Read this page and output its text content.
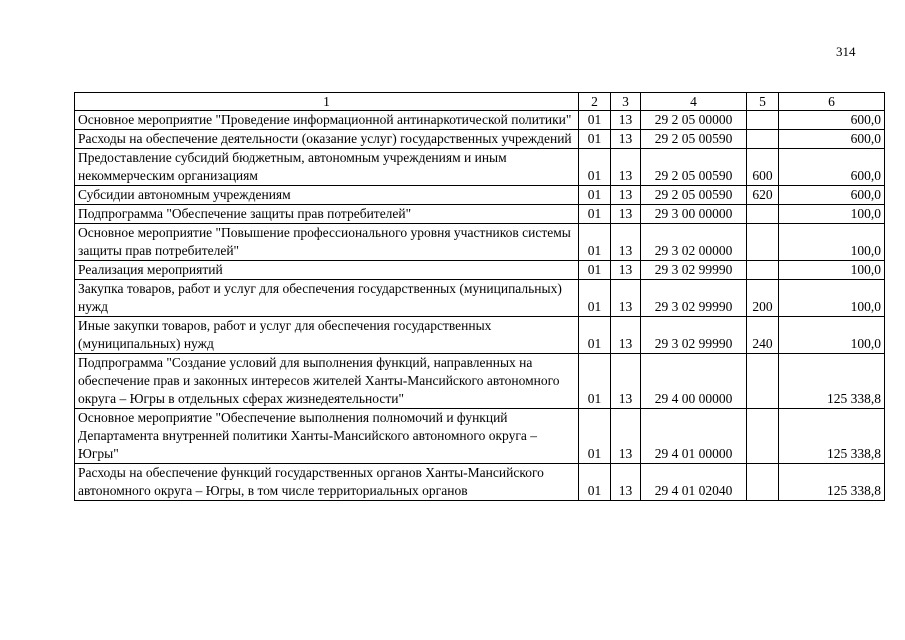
314
1	2	3	4	5	6
Основное мероприятие "Проведение информационной антинаркотической политики"	01	13	29 2 05 00000		600,0
Расходы на обеспечение деятельности (оказание услуг) государственных учреждений	01	13	29 2 05 00590		600,0
Предоставление субсидий бюджетным, автономным учреждениям и иным некоммерческим организациям	01	13	29 2 05 00590	600	600,0
Субсидии автономным учреждениям	01	13	29 2 05 00590	620	600,0
Подпрограмма "Обеспечение защиты прав потребителей"	01	13	29 3 00 00000		100,0
Основное мероприятие "Повышение профессионального уровня участников системы защиты прав потребителей"	01	13	29 3 02 00000		100,0
Реализация мероприятий	01	13	29 3 02 99990		100,0
Закупка товаров, работ и услуг для обеспечения государственных (муниципальных) нужд	01	13	29 3 02 99990	200	100,0
Иные закупки товаров, работ и услуг для обеспечения государственных (муниципальных) нужд	01	13	29 3 02 99990	240	100,0
Подпрограмма "Создание условий для выполнения функций, направленных на обеспечение прав и законных интересов жителей Ханты-Мансийского автономного округа – Югры в отдельных сферах жизнедеятельности"	01	13	29 4 00 00000		125 338,8
Основное мероприятие "Обеспечение выполнения полномочий и функций Департамента внутренней политики Ханты-Мансийского автономного округа – Югры"	01	13	29 4 01 00000		125 338,8
Расходы на обеспечение функций государственных органов Ханты-Мансийского автономного округа – Югры, в том числе территориальных органов	01	13	29 4 01 02040		125 338,8
